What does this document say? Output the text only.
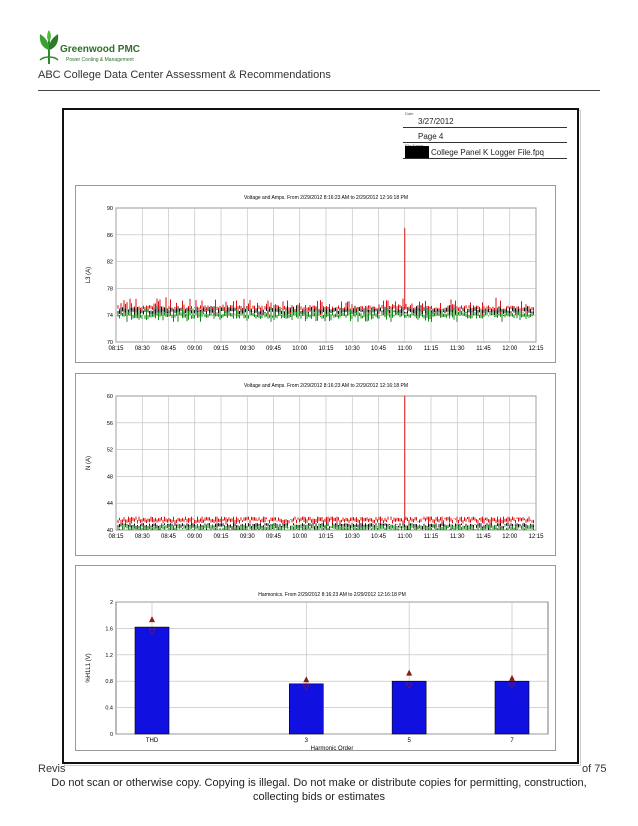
Greenwood PMC
Power Cooling & Management
ABC College Data Center Assessment & Recommendations
Date
3/27/2012
Page 4
College Panel K Logger File.fpq
Voltage and Amps. From 2/29/2012 8:16:23 AM to 2/29/2012 12:16:18 PM
08:15 08:30 08:45 09:00 09:15 09:30 09:45 10:00 10:15 10:30 10:45 11:00 11:15 11:30 11:45 12:00 12:15
70
74
78
82
86
90
L3 (A)
Voltage and Amps. From 2/29/2012 8:16:23 AM to 2/29/2012 12:16:18 PM
08:15 08:30 08:45 09:00 09:15 09:30 09:45 10:00 10:15 10:30 10:45 11:00 11:15 11:30 11:45 12:00 12:15
40
44
48
52
56
60
N (A)
Harmonics. From 2/29/2012 8:16:23 AM to 2/29/2012 12:16:18 PM
0
0.4
0.8
1.2
1.6
2
%H1L1 (V)
Harmonic Order
THD	3	5	7
Revis	of 75
Do not scan or otherwise copy. Copying is illegal. Do not make or distribute copies for permitting, construction, collecting bids or estimates
